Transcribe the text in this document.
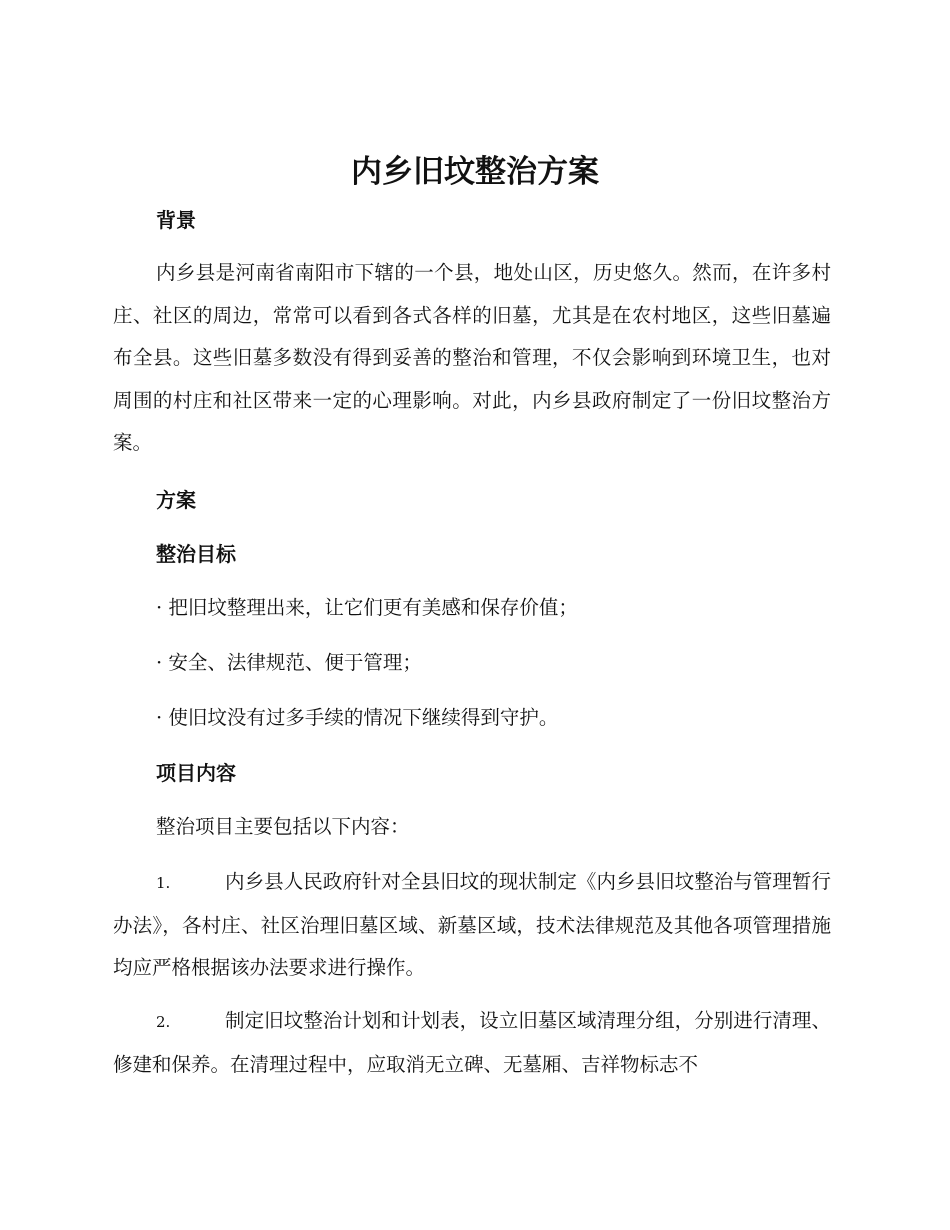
内乡旧坟整治方案
背景

内乡县是河南省南阳市下辖的一个县，地处山区，历史悠久。然而，在许多村庄、社区的周边，常常可以看到各式各样的旧墓，尤其是在农村地区，这些旧墓遍布全县。这些旧墓多数没有得到妥善的整治和管理，不仅会影响到环境卫生，也对周围的村庄和社区带来一定的心理影响。对此，内乡县政府制定了一份旧坟整治方案。

方案
整治目标
· 把旧坟整理出来，让它们更有美感和保存价值；
· 安全、法律规范、便于管理；
· 使旧坟没有过多手续的情况下继续得到守护。
项目内容
整治项目主要包括以下内容：

1.	内乡县人民政府针对全县旧坟的现状制定《内乡县旧坟整治与管理暂行办法》，各村庄、社区治理旧墓区域、新墓区域，技术法律规范及其他各项管理措施均应严格根据该办法要求进行操作。

2.	制定旧坟整治计划和计划表，设立旧墓区域清理分组，分别进行清理、修建和保养。在清理过程中，应取消无立碑、无墓厢、吉祥物标志不
